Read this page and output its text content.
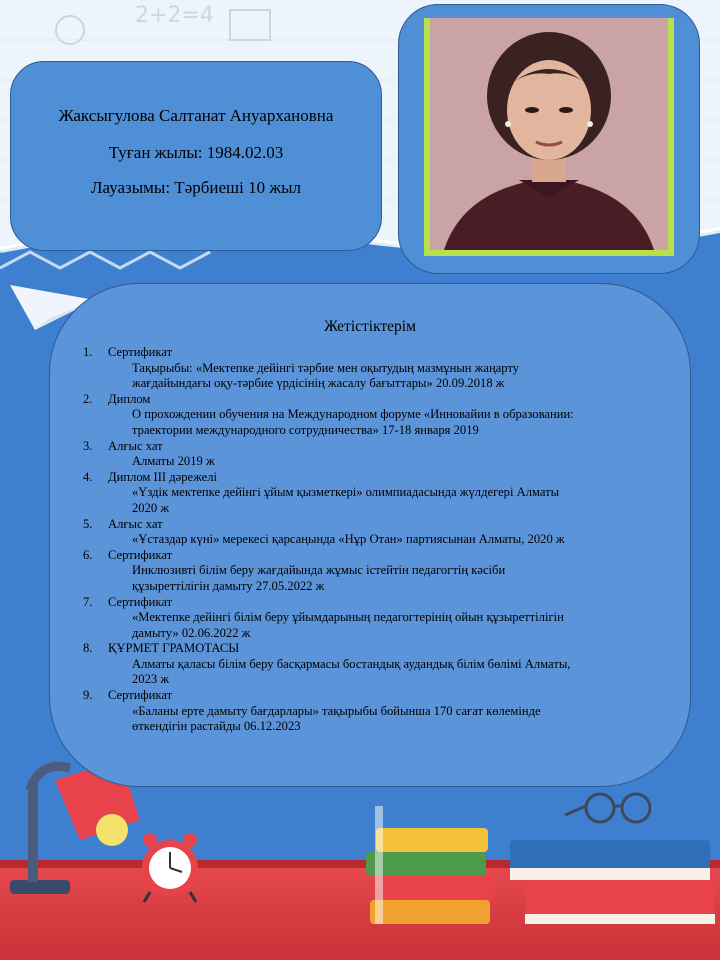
2+2=4

Жаксыгулова Салтанат Ануархановна

Туған жылы: 1984.02.03

Лауазымы: Тәрбиеші 10 жыл

Жетістіктерім
1.	Сертификат
Тақырыбы: «Мектепке дейінгі тәрбие мен оқытудың мазмұнын жаңарту
жағдайындағы оқу-тәрбие үрдісінің жасалу бағыттары» 20.09.2018 ж
2.	Диплом
О прохождении обучения на Международном форуме «Инновайии в образовании:
траектории международного сотрудничества» 17-18 января 2019
3.	Алғыс хат
Алматы 2019 ж
4.	Диплом III дәрежелі
«Үздік мектепке дейінгі ұйым қызметкері» олимпиадасында жүлдегері Алматы
2020 ж
5.	Алғыс хат
«Ұстаздар күні» мерекесі қарсаңында «Нұр Отан» партиясынан Алматы, 2020 ж
6.	Сертификат
Инклюзивті білім беру жағдайында жұмыс істейтін педагогтің кәсіби
құзыреттілігін дамыту 27.05.2022 ж
7.	Сертификат
«Мектепке дейінгі білім беру ұйымдарының педагогтерінің ойын құзыреттілігін
дамыту» 02.06.2022 ж
8.	ҚҰРМЕТ ГРАМОТАСЫ
Алматы қаласы білім беру басқармасы бостандық аудандық білім бөлімі Алматы,
2023 ж
9.	Сертификат
«Баланы ерте дамыту бағдарлары» тақырыбы бойынша 170 сағат көлемінде
өткендігін растайды 06.12.2023
